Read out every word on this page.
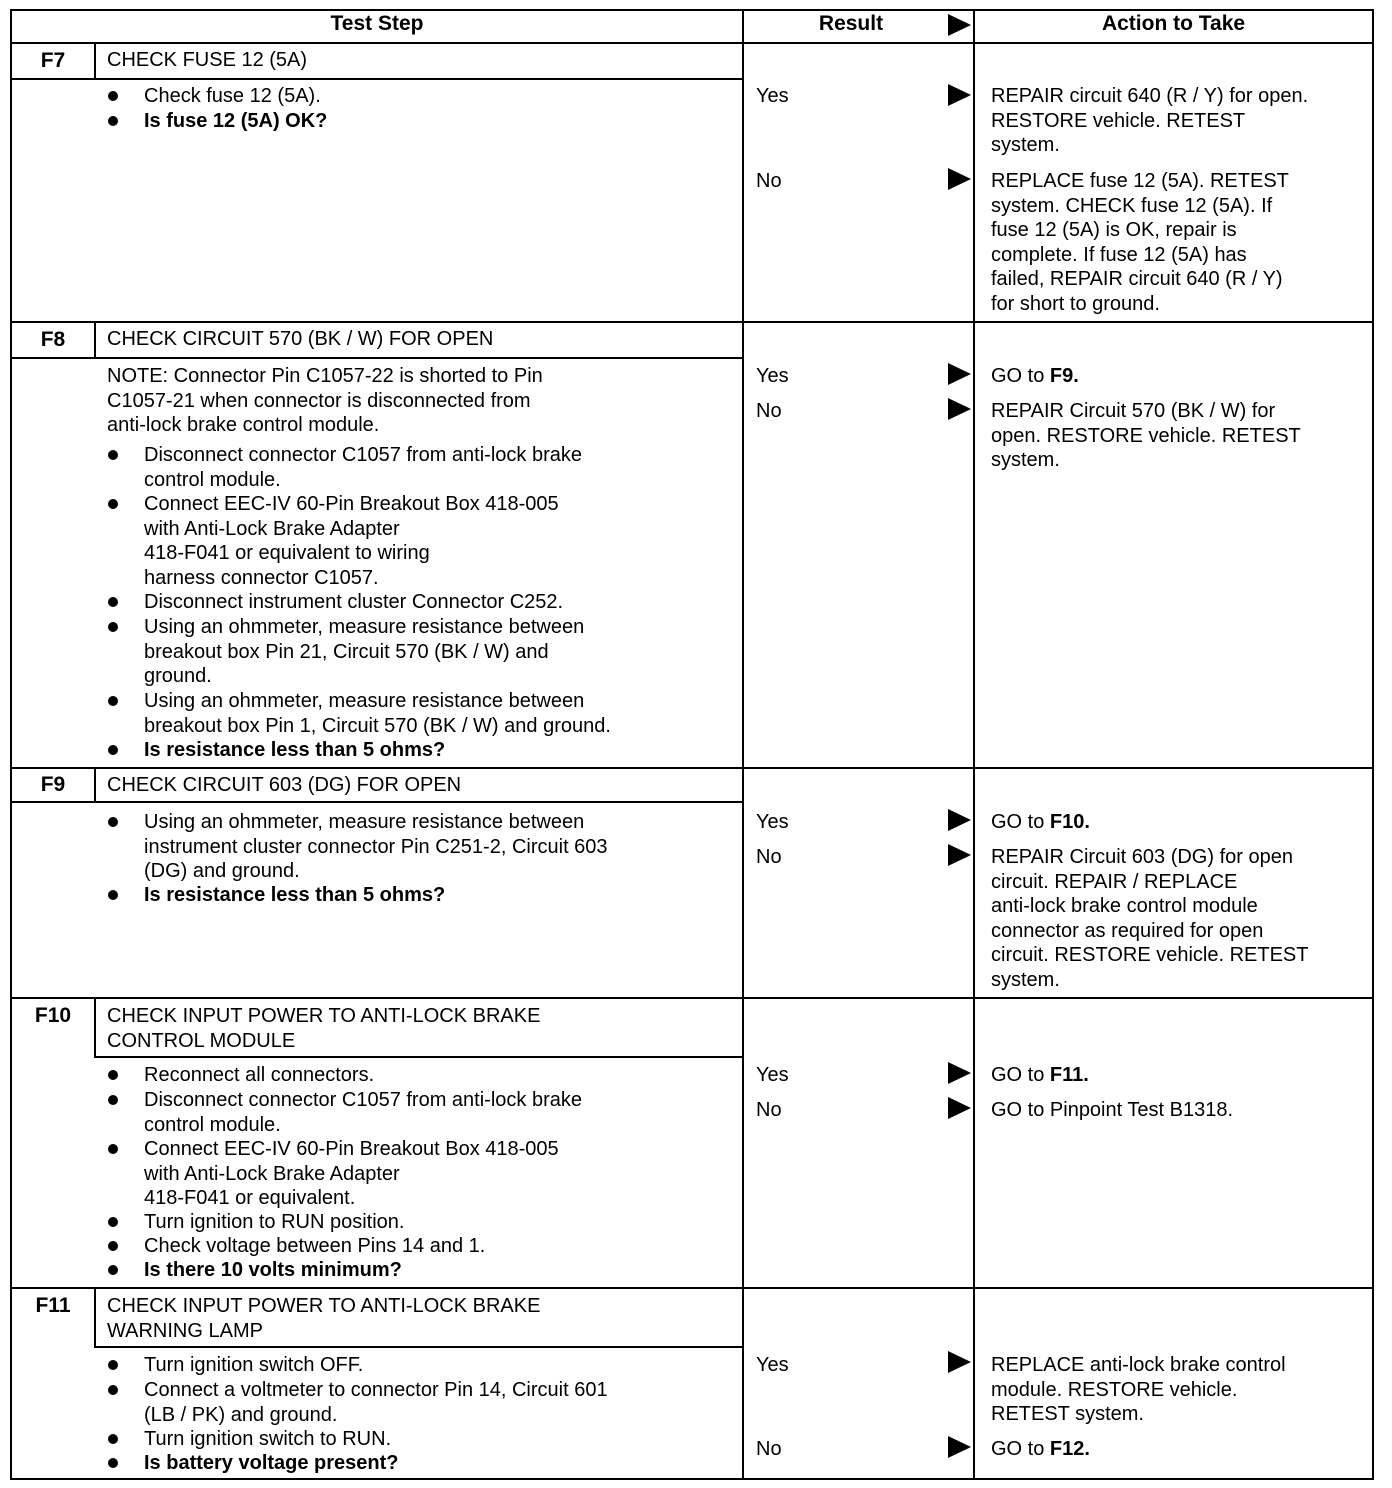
Test Step	Result	Action to Take
F7	CHECK FUSE 12 (5A)
Check fuse 12 (5A).
Is fuse 12 (5A) OK?
Yes	REPAIR circuit 640 (R / Y) for open.
RESTORE vehicle. RETEST
system.
No	REPLACE fuse 12 (5A). RETEST
system. CHECK fuse 12 (5A). If
fuse 12 (5A) is OK, repair is
complete. If fuse 12 (5A) has
failed, REPAIR circuit 640 (R / Y)
for short to ground.
F8	CHECK CIRCUIT 570 (BK / W) FOR OPEN
NOTE: Connector Pin C1057-22 is shorted to Pin
C1057-21 when connector is disconnected from
anti-lock brake control module.
Disconnect connector C1057 from anti-lock brake
control module.
Connect EEC-IV 60-Pin Breakout Box 418-005
with Anti-Lock Brake Adapter
418-F041 or equivalent to wiring
harness connector C1057.
Disconnect instrument cluster Connector C252.
Using an ohmmeter, measure resistance between
breakout box Pin 21, Circuit 570 (BK / W) and
ground.
Using an ohmmeter, measure resistance between
breakout box Pin 1, Circuit 570 (BK / W) and ground.
Is resistance less than 5 ohms?
Yes	GO to F9.
No	REPAIR Circuit 570 (BK / W) for
open. RESTORE vehicle. RETEST
system.
F9	CHECK CIRCUIT 603 (DG) FOR OPEN
Using an ohmmeter, measure resistance between
instrument cluster connector Pin C251-2, Circuit 603
(DG) and ground.
Is resistance less than 5 ohms?
Yes	GO to F10.
No	REPAIR Circuit 603 (DG) for open
circuit. REPAIR / REPLACE
anti-lock brake control module
connector as required for open
circuit. RESTORE vehicle. RETEST
system.
F10	CHECK INPUT POWER TO ANTI-LOCK BRAKE
CONTROL MODULE
Reconnect all connectors.
Disconnect connector C1057 from anti-lock brake
control module.
Connect EEC-IV 60-Pin Breakout Box 418-005
with Anti-Lock Brake Adapter
418-F041 or equivalent.
Turn ignition to RUN position.
Check voltage between Pins 14 and 1.
Is there 10 volts minimum?
Yes	GO to F11.
No	GO to Pinpoint Test B1318.
F11	CHECK INPUT POWER TO ANTI-LOCK BRAKE
WARNING LAMP
Turn ignition switch OFF.
Connect a voltmeter to connector Pin 14, Circuit 601
(LB / PK) and ground.
Turn ignition switch to RUN.
Is battery voltage present?
Yes	REPLACE anti-lock brake control
module. RESTORE vehicle.
RETEST system.
No	GO to F12.
